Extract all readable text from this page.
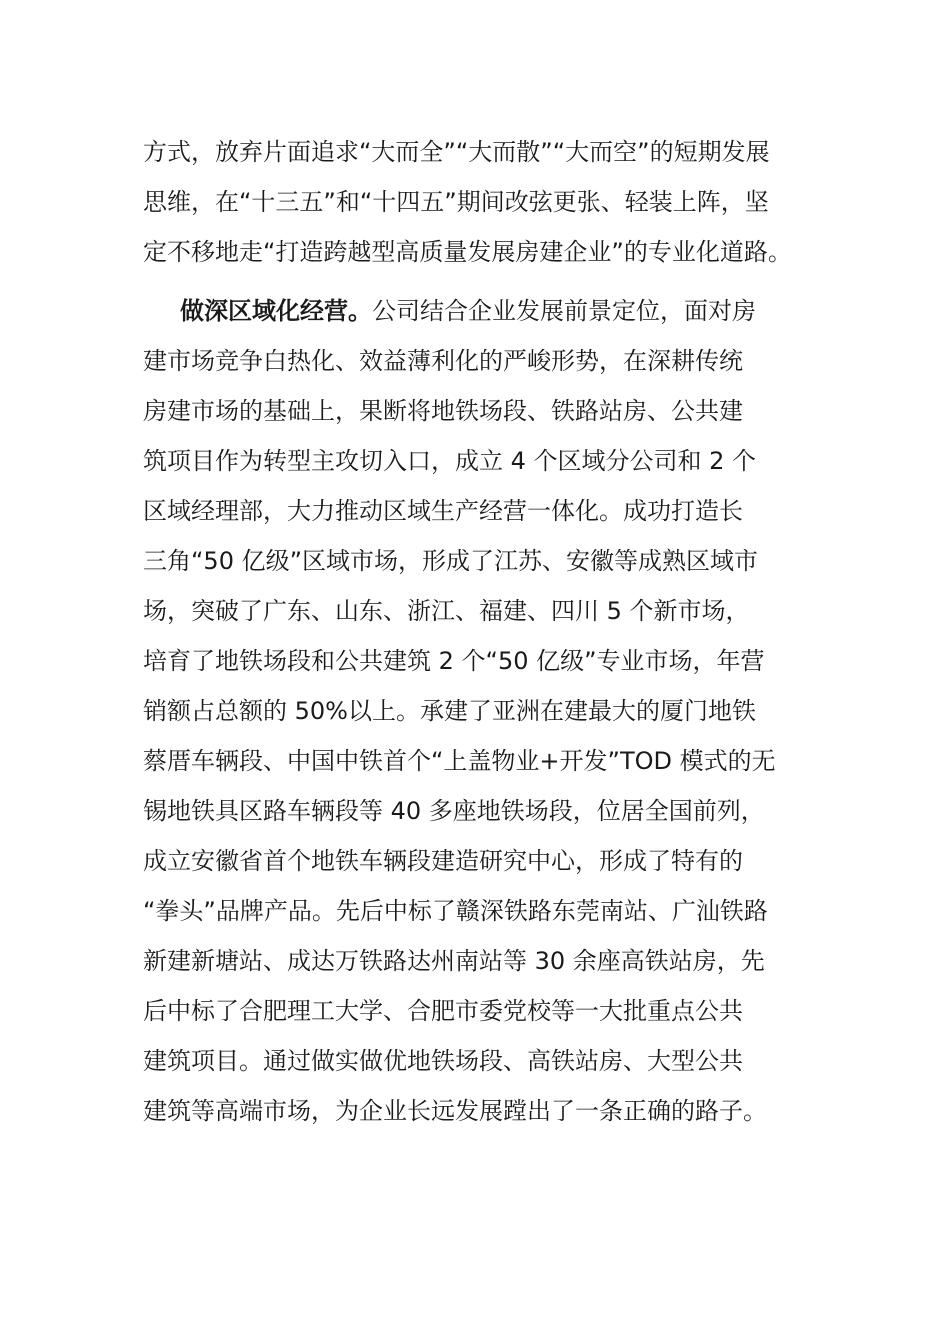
方式，放弃片面追求“大而全”“大而散”“大而空”的短期发展
思维，在“十三五”和“十四五”期间改弦更张、轻装上阵，坚
定不移地走“打造跨越型高质量发展房建企业”的专业化道路。
做深区域化经营。公司结合企业发展前景定位，面对房
建市场竞争白热化、效益薄利化的严峻形势，在深耕传统
房建市场的基础上，果断将地铁场段、铁路站房、公共建
筑项目作为转型主攻切入口，成立 4 个区域分公司和 2 个
区域经理部，大力推动区域生产经营一体化。成功打造长
三角“50 亿级”区域市场，形成了江苏、安徽等成熟区域市
场，突破了广东、山东、浙江、福建、四川 5 个新市场，
培育了地铁场段和公共建筑 2 个“50 亿级”专业市场，年营
销额占总额的 50%以上。承建了亚洲在建最大的厦门地铁
蔡厝车辆段、中国中铁首个“上盖物业+开发”TOD 模式的无
锡地铁具区路车辆段等 40 多座地铁场段，位居全国前列，
成立安徽省首个地铁车辆段建造研究中心，形成了特有的
“拳头”品牌产品。先后中标了赣深铁路东莞南站、广汕铁路
新建新塘站、成达万铁路达州南站等 30 余座高铁站房，先
后中标了合肥理工大学、合肥市委党校等一大批重点公共
建筑项目。通过做实做优地铁场段、高铁站房、大型公共
建筑等高端市场，为企业长远发展蹚出了一条正确的路子。
